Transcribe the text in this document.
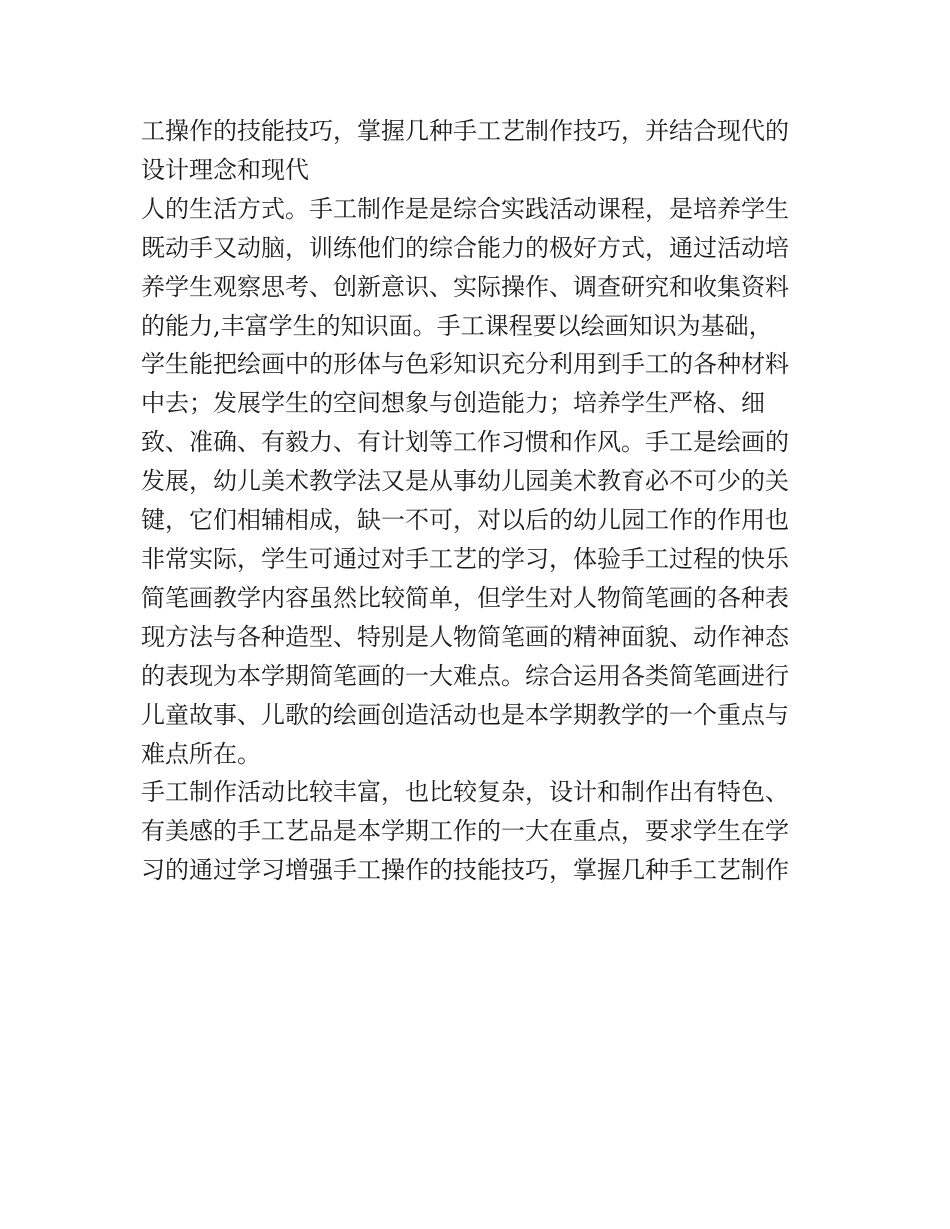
工操作的技能技巧，掌握几种手工艺制作技巧，并结合现代的
设计理念和现代
人的生活方式。手工制作是是综合实践活动课程，是培养学生
既动手又动脑，训练他们的综合能力的极好方式，通过活动培
养学生观察思考、创新意识、实际操作、调查研究和收集资料
的能力,丰富学生的知识面。手工课程要以绘画知识为基础，
学生能把绘画中的形体与色彩知识充分利用到手工的各种材料
中去；发展学生的空间想象与创造能力；培养学生严格、细
致、准确、有毅力、有计划等工作习惯和作风。手工是绘画的
发展，幼儿美术教学法又是从事幼儿园美术教育必不可少的关
键，它们相辅相成，缺一不可，对以后的幼儿园工作的作用也
非常实际，学生可通过对手工艺的学习，体验手工过程的快乐
简笔画教学内容虽然比较简单，但学生对人物简笔画的各种表
现方法与各种造型、特别是人物简笔画的精神面貌、动作神态
的表现为本学期简笔画的一大难点。综合运用各类简笔画进行
儿童故事、儿歌的绘画创造活动也是本学期教学的一个重点与
难点所在。
手工制作活动比较丰富，也比较复杂，设计和制作出有特色、
有美感的手工艺品是本学期工作的一大在重点，要求学生在学
习的通过学习增强手工操作的技能技巧，掌握几种手工艺制作
